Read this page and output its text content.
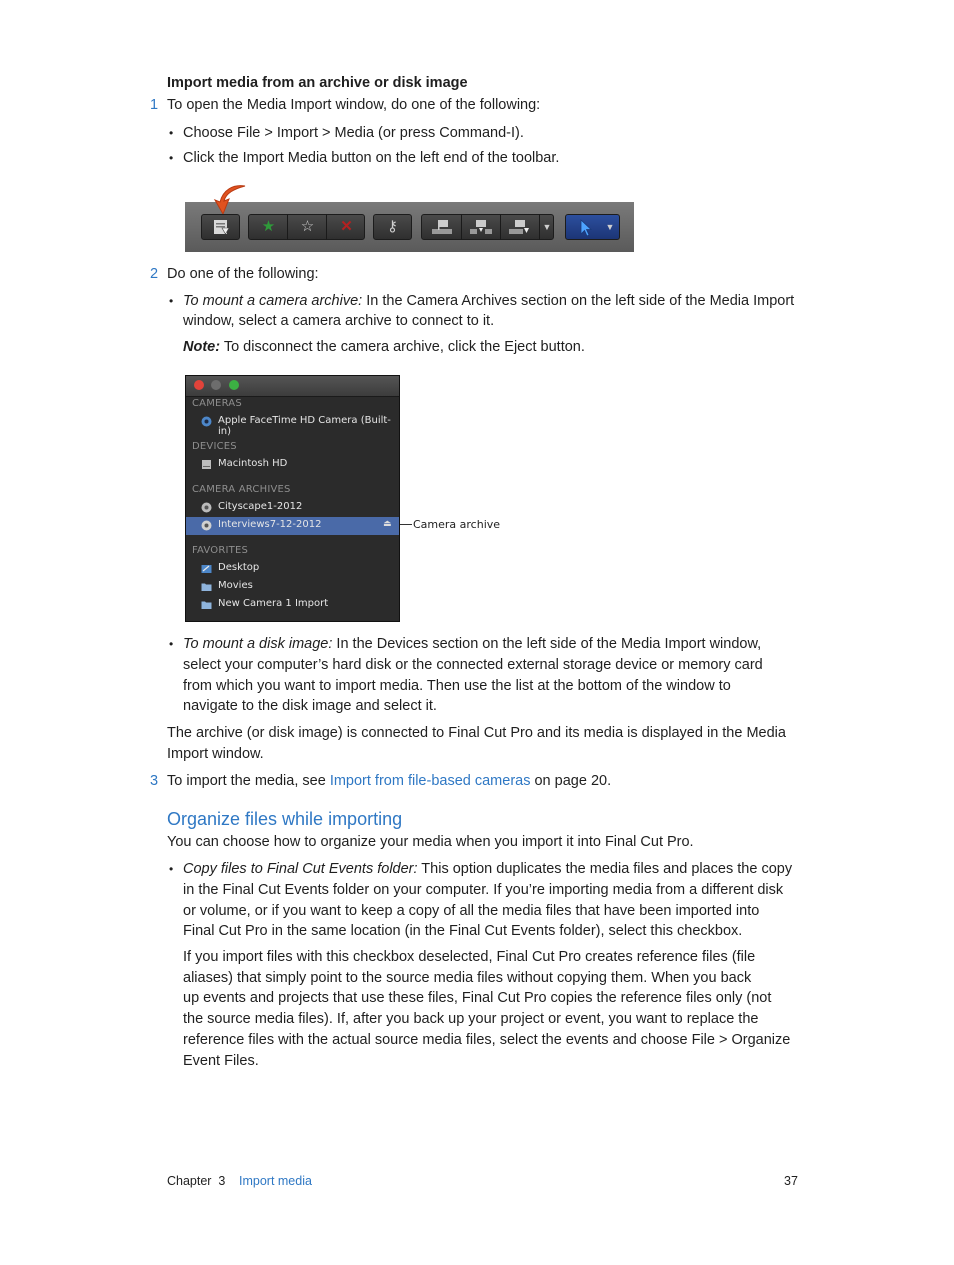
Import media from an archive or disk image
1 To open the Media Import window, do one of the following:
• Choose File > Import > Media (or press Command-I).
• Click the Import Media button on the left end of the toolbar.
★	☆	✕	⚷	▼	▼
2 Do one of the following:
• To mount a camera archive: In the Camera Archives section on the left side of the Media Import
window, select a camera archive to connect to it.
Note: To disconnect the camera archive, click the Eject button.
CAMERAS
Apple FaceTime HD Camera (Built-in)
DEVICES
Macintosh HD
CAMERA ARCHIVES
Cityscape1-2012
Interviews7-12-2012	⏏
FAVORITES
Desktop
Movies
New Camera 1 Import
Camera archive
• To mount a disk image: In the Devices section on the left side of the Media Import window,
select your computer’s hard disk or the connected external storage device or memory card
from which you want to import media. Then use the list at the bottom of the window to
navigate to the disk image and select it.
The archive (or disk image) is connected to Final Cut Pro and its media is displayed in the Media
Import window.
3 To import the media, see Import from file-based cameras on page 20.
Organize files while importing
You can choose how to organize your media when you import it into Final Cut Pro.
• Copy files to Final Cut Events folder: This option duplicates the media files and places the copy
in the Final Cut Events folder on your computer. If you’re importing media from a different disk
or volume, or if you want to keep a copy of all the media files that have been imported into
Final Cut Pro in the same location (in the Final Cut Events folder), select this checkbox.
If you import files with this checkbox deselected, Final Cut Pro creates reference files (file
aliases) that simply point to the source media files without copying them. When you back
up events and projects that use these files, Final Cut Pro copies the reference files only (not
the source media files). If, after you back up your project or event, you want to replace the
reference files with the actual source media files, select the events and choose File > Organize
Event Files.
Chapter  3 Import media	37
